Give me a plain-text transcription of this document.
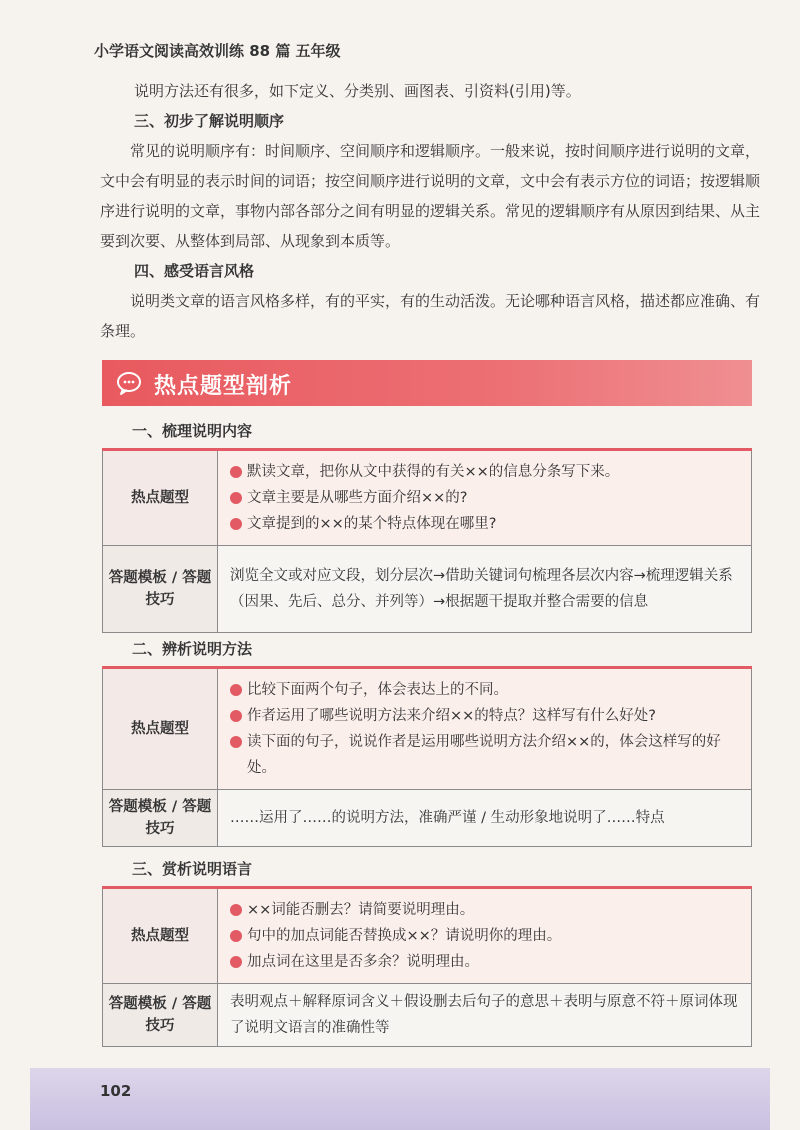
小学语文阅读高效训练 88 篇 五年级

说明方法还有很多，如下定义、分类别、画图表、引资料(引用)等。

三、初步了解说明顺序

常见的说明顺序有：时间顺序、空间顺序和逻辑顺序。一般来说，按时间顺序进行说明的文章，文中会有明显的表示时间的词语；按空间顺序进行说明的文章，文中会有表示方位的词语；按逻辑顺序进行说明的文章，事物内部各部分之间有明显的逻辑关系。常见的逻辑顺序有从原因到结果、从主要到次要、从整体到局部、从现象到本质等。

四、感受语言风格

说明类文章的语言风格多样，有的平实，有的生动活泼。无论哪种语言风格，描述都应准确、有条理。

热点题型剖析
一、梳理说明内容
热点题型	默读文章，把你从文中获得的有关××的信息分条写下来。
文章主要是从哪些方面介绍××的?
文章提到的××的某个特点体现在哪里?

答题模板 / 答题技巧	浏览全文或对应文段，划分层次→借助关键词句梳理各层次内容→梳理逻辑关系（因果、先后、总分、并列等）→根据题干提取并整合需要的信息
二、辨析说明方法
热点题型	比较下面两个句子，体会表达上的不同。
作者运用了哪些说明方法来介绍××的特点？这样写有什么好处?
读下面的句子，说说作者是运用哪些说明方法介绍××的，体会这样写的好处。

答题模板 / 答题技巧	……运用了……的说明方法，准确严谨 / 生动形象地说明了……特点
三、赏析说明语言
热点题型	××词能否删去？请简要说明理由。
句中的加点词能否替换成××？请说明你的理由。
加点词在这里是否多余？说明理由。

答题模板 / 答题技巧	表明观点＋解释原词含义＋假设删去后句子的意思＋表明与原意不符＋原词体现了说明文语言的准确性等
102
